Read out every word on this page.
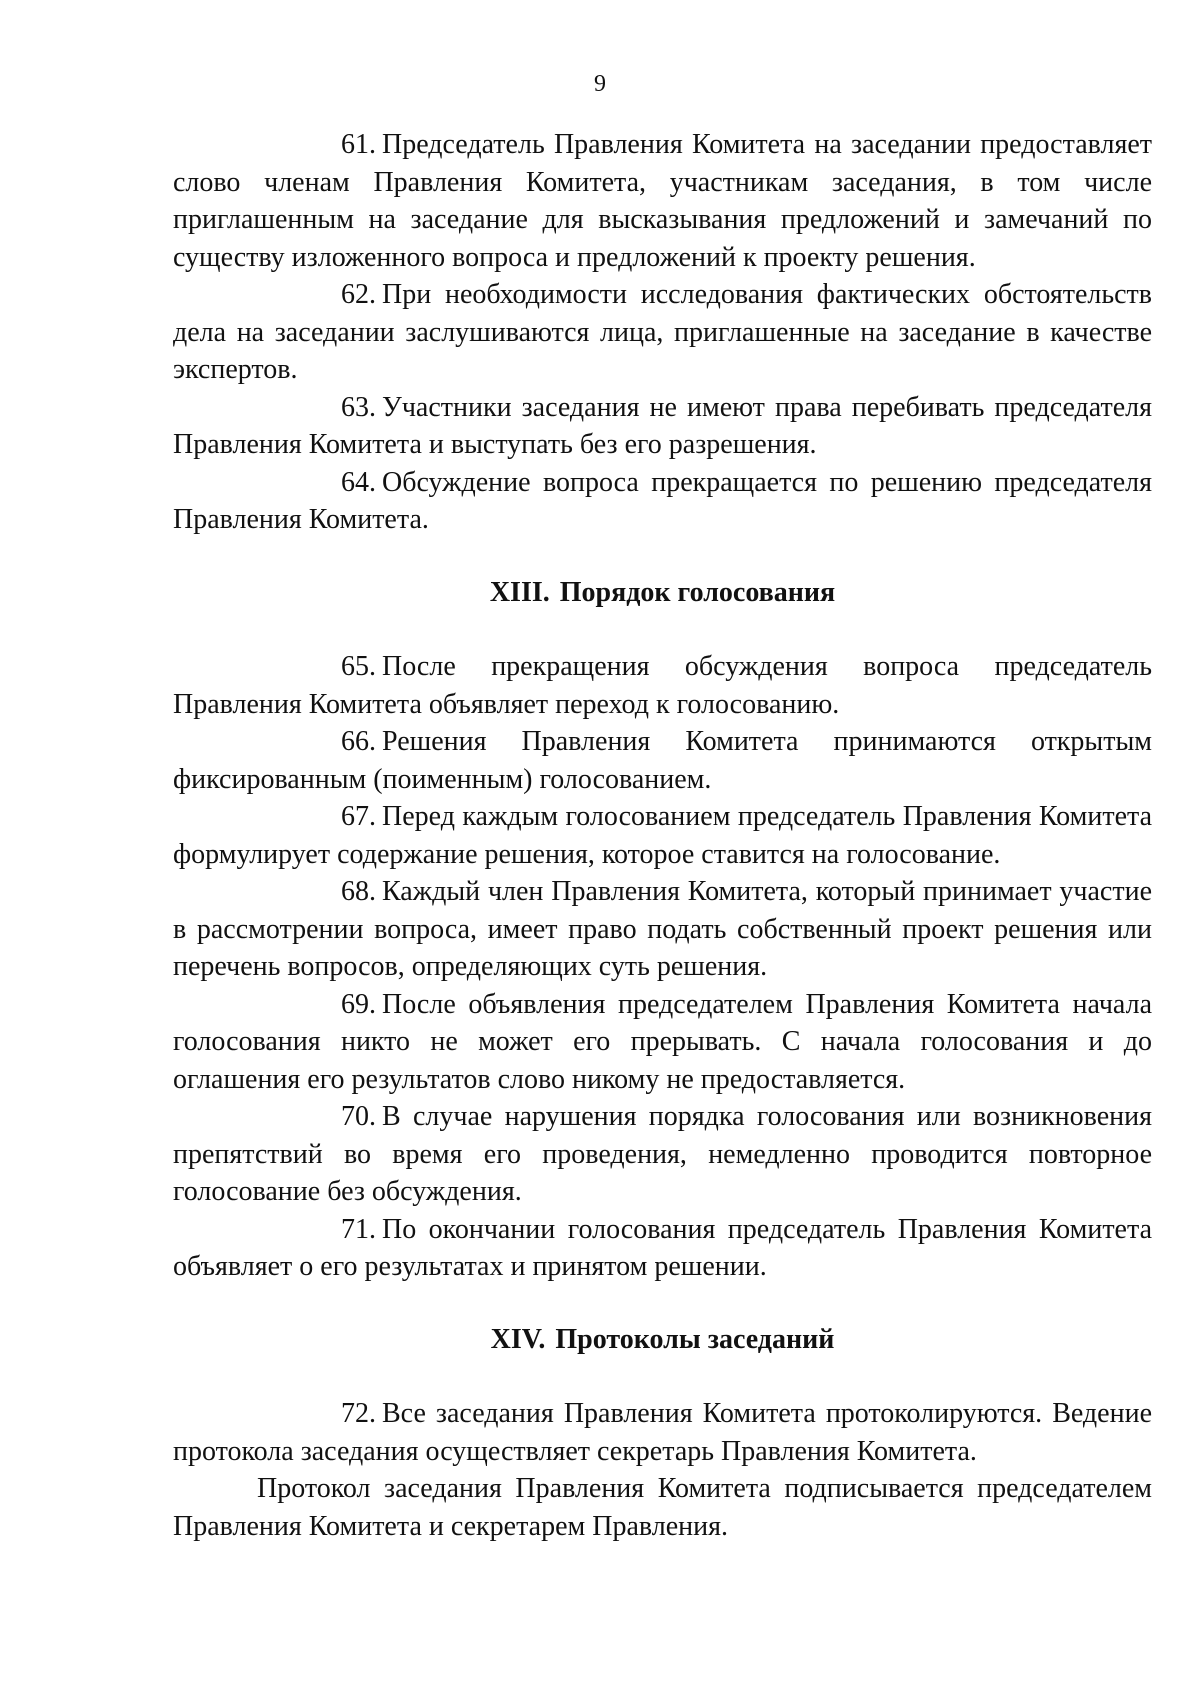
9

61. Председатель Правления Комитета на заседании предоставляет слово членам Правления Комитета, участникам заседания, в том числе приглашенным на заседание для высказывания предложений и замечаний по существу изложенного вопроса и предложений к проекту решения.

62. При необходимости исследования фактических обстоятельств дела на заседании заслушиваются лица, приглашенные на заседание в качестве экспертов.

63. Участники заседания не имеют права перебивать председателя Правления Комитета и выступать без его разрешения.

64. Обсуждение вопроса прекращается по решению председателя Правления Комитета.

XIII. Порядок голосования

65. После прекращения обсуждения вопроса председатель Правления Комитета объявляет переход к голосованию.

66. Решения Правления Комитета принимаются открытым фиксированным (поименным) голосованием.

67. Перед каждым голосованием председатель Правления Комитета формулирует содержание решения, которое ставится на голосование.

68. Каждый член Правления Комитета, который принимает участие в рассмотрении вопроса, имеет право подать собственный проект решения или перечень вопросов, определяющих суть решения.

69. После объявления председателем Правления Комитета начала голосования никто не может его прерывать. С начала голосования и до оглашения его результатов слово никому не предоставляется.

70. В случае нарушения порядка голосования или возникновения препятствий во время его проведения, немедленно проводится повторное голосование без обсуждения.

71. По окончании голосования председатель Правления Комитета объявляет о его результатах и принятом решении.

XIV. Протоколы заседаний

72. Все заседания Правления Комитета протоколируются. Ведение протокола заседания осуществляет секретарь Правления Комитета.

Протокол заседания Правления Комитета подписывается председателем Правления Комитета и секретарем Правления.
